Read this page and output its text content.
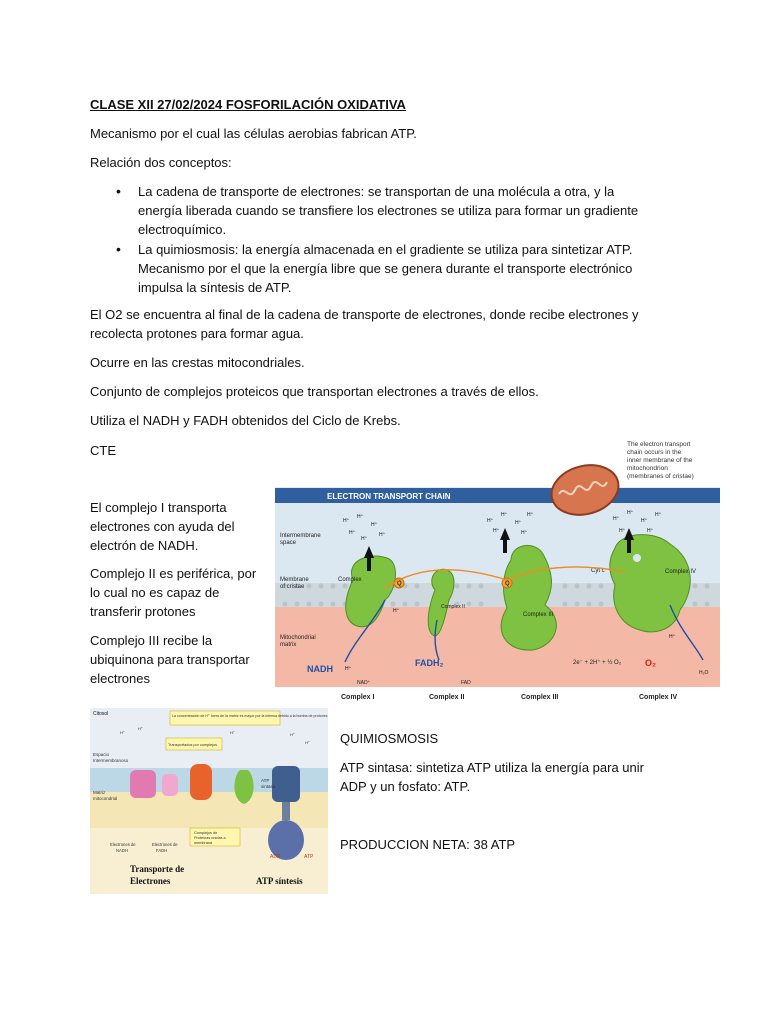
CLASE XII 27/02/2024 FOSFORILACIÓN OXIDATIVA

Mecanismo por el cual las células aerobias fabrican ATP.

Relación dos conceptos:

• La cadena de transporte de electrones: se transportan de una molécula a otra, y la energía liberada cuando se transfiere los electrones se utiliza para formar un gradiente electroquímico.
• La quimiosmosis: la energía almacenada en el gradiente se utiliza para sintetizar ATP. Mecanismo por el que la energía libre que se genera durante el transporte electrónico impulsa la síntesis de ATP.

El O2 se encuentra al final de la cadena de transporte de electrones, donde recibe electrones y recolecta protones para formar agua.

Ocurre en las crestas mitocondriales.

Conjunto de complejos proteicos que transportan electrones a través de ellos.

Utiliza el NADH y FADH obtenidos del Ciclo de Krebs.

CTE

El complejo I transporta electrones con ayuda del electrón de NADH.

Complejo II es periférica, por lo cual no es capaz de transferir protones

Complejo III recibe la ubiquinona para transportar electrones

ELECTRON TRANSPORT CHAIN
Intermembrane space
Membrane of cristae
Mitochondrial matrix
Complex
Complex II
Complex III
Complex IV
Q	Q
Cyt c
H⁺
H⁺
H⁺
H⁺	H⁺
H⁺
H⁺
H⁺
H⁺
H⁺	H⁺
H⁺
H⁺
H⁺
H⁺
H⁺	H⁺
H⁺
H⁺
H⁺
H⁺
NADH
NAD⁺
FADH₂
FAD
2e⁻ + 2H⁺ + ½ O₂	O₂
H₂O
Complex I	Complex II	Complex III	Complex IV
The electron transport chain occurs in the inner membrane of the mitochondrion (membranes of cristae)
Citosol	La concentración de H⁺ fuera de la matriz es mayor por la intensa debido a la bomba de protones
Transportados por complejos
Espacio Intermembranoso
Matriz mitocondrial
ATP sintasa
Complejos de Proteínas unidas a membrana
Electrones de NADH
Electrones de FADH
ADP	ATP
H⁺
H⁺
H⁺	H⁺
H⁺
Transporte de Electrones	ATP síntesis

QUIMIOSMOSIS

ATP sintasa: sintetiza ATP utiliza la energía para unir ADP y un fosfato: ATP.

PRODUCCION NETA: 38 ATP
